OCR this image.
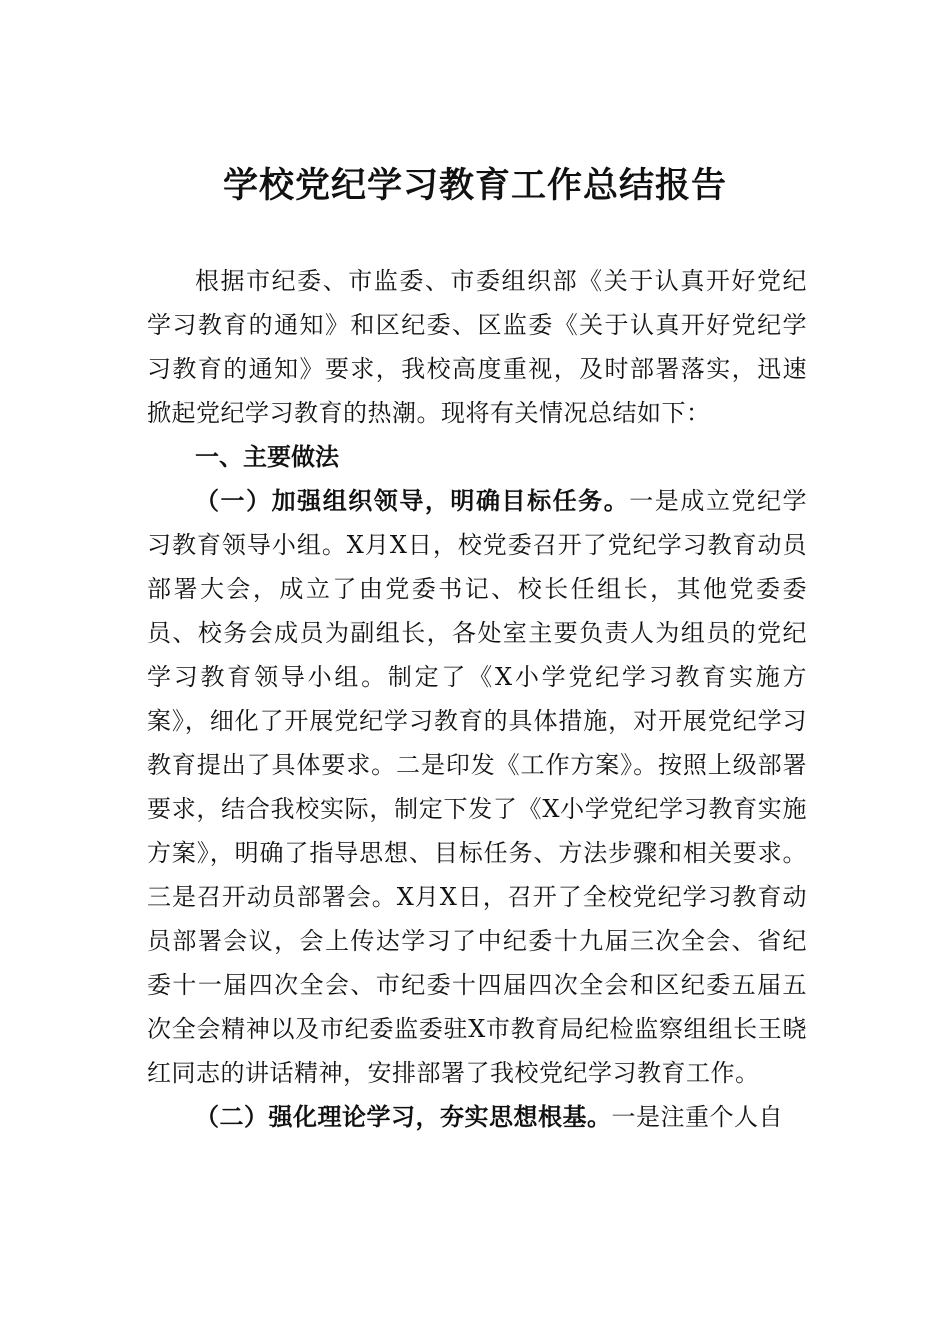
学校党纪学习教育工作总结报告

根据市纪委、市监委、市委组织部《关于认真开好党纪学习教育的通知》和区纪委、区监委《关于认真开好党纪学习教育的通知》要求，我校高度重视，及时部署落实，迅速掀起党纪学习教育的热潮。现将有关情况总结如下：

一、主要做法

（一）加强组织领导，明确目标任务。一是成立党纪学习教育领导小组。X月X日，校党委召开了党纪学习教育动员部署大会，成立了由党委书记、校长任组长，其他党委委员、校务会成员为副组长，各处室主要负责人为组员的党纪学习教育领导小组。制定了《X小学党纪学习教育实施方案》，细化了开展党纪学习教育的具体措施，对开展党纪学习教育提出了具体要求。二是印发《工作方案》。按照上级部署要求，结合我校实际，制定下发了《X小学党纪学习教育实施方案》，明确了指导思想、目标任务、方法步骤和相关要求。三是召开动员部署会。X月X日，召开了全校党纪学习教育动员部署会议，会上传达学习了中纪委十九届三次全会、省纪委十一届四次全会、市纪委十四届四次全会和区纪委五届五次全会精神以及市纪委监委驻X市教育局纪检监察组组长王晓红同志的讲话精神，安排部署了我校党纪学习教育工作。

（二）强化理论学习，夯实思想根基。一是注重个人自
